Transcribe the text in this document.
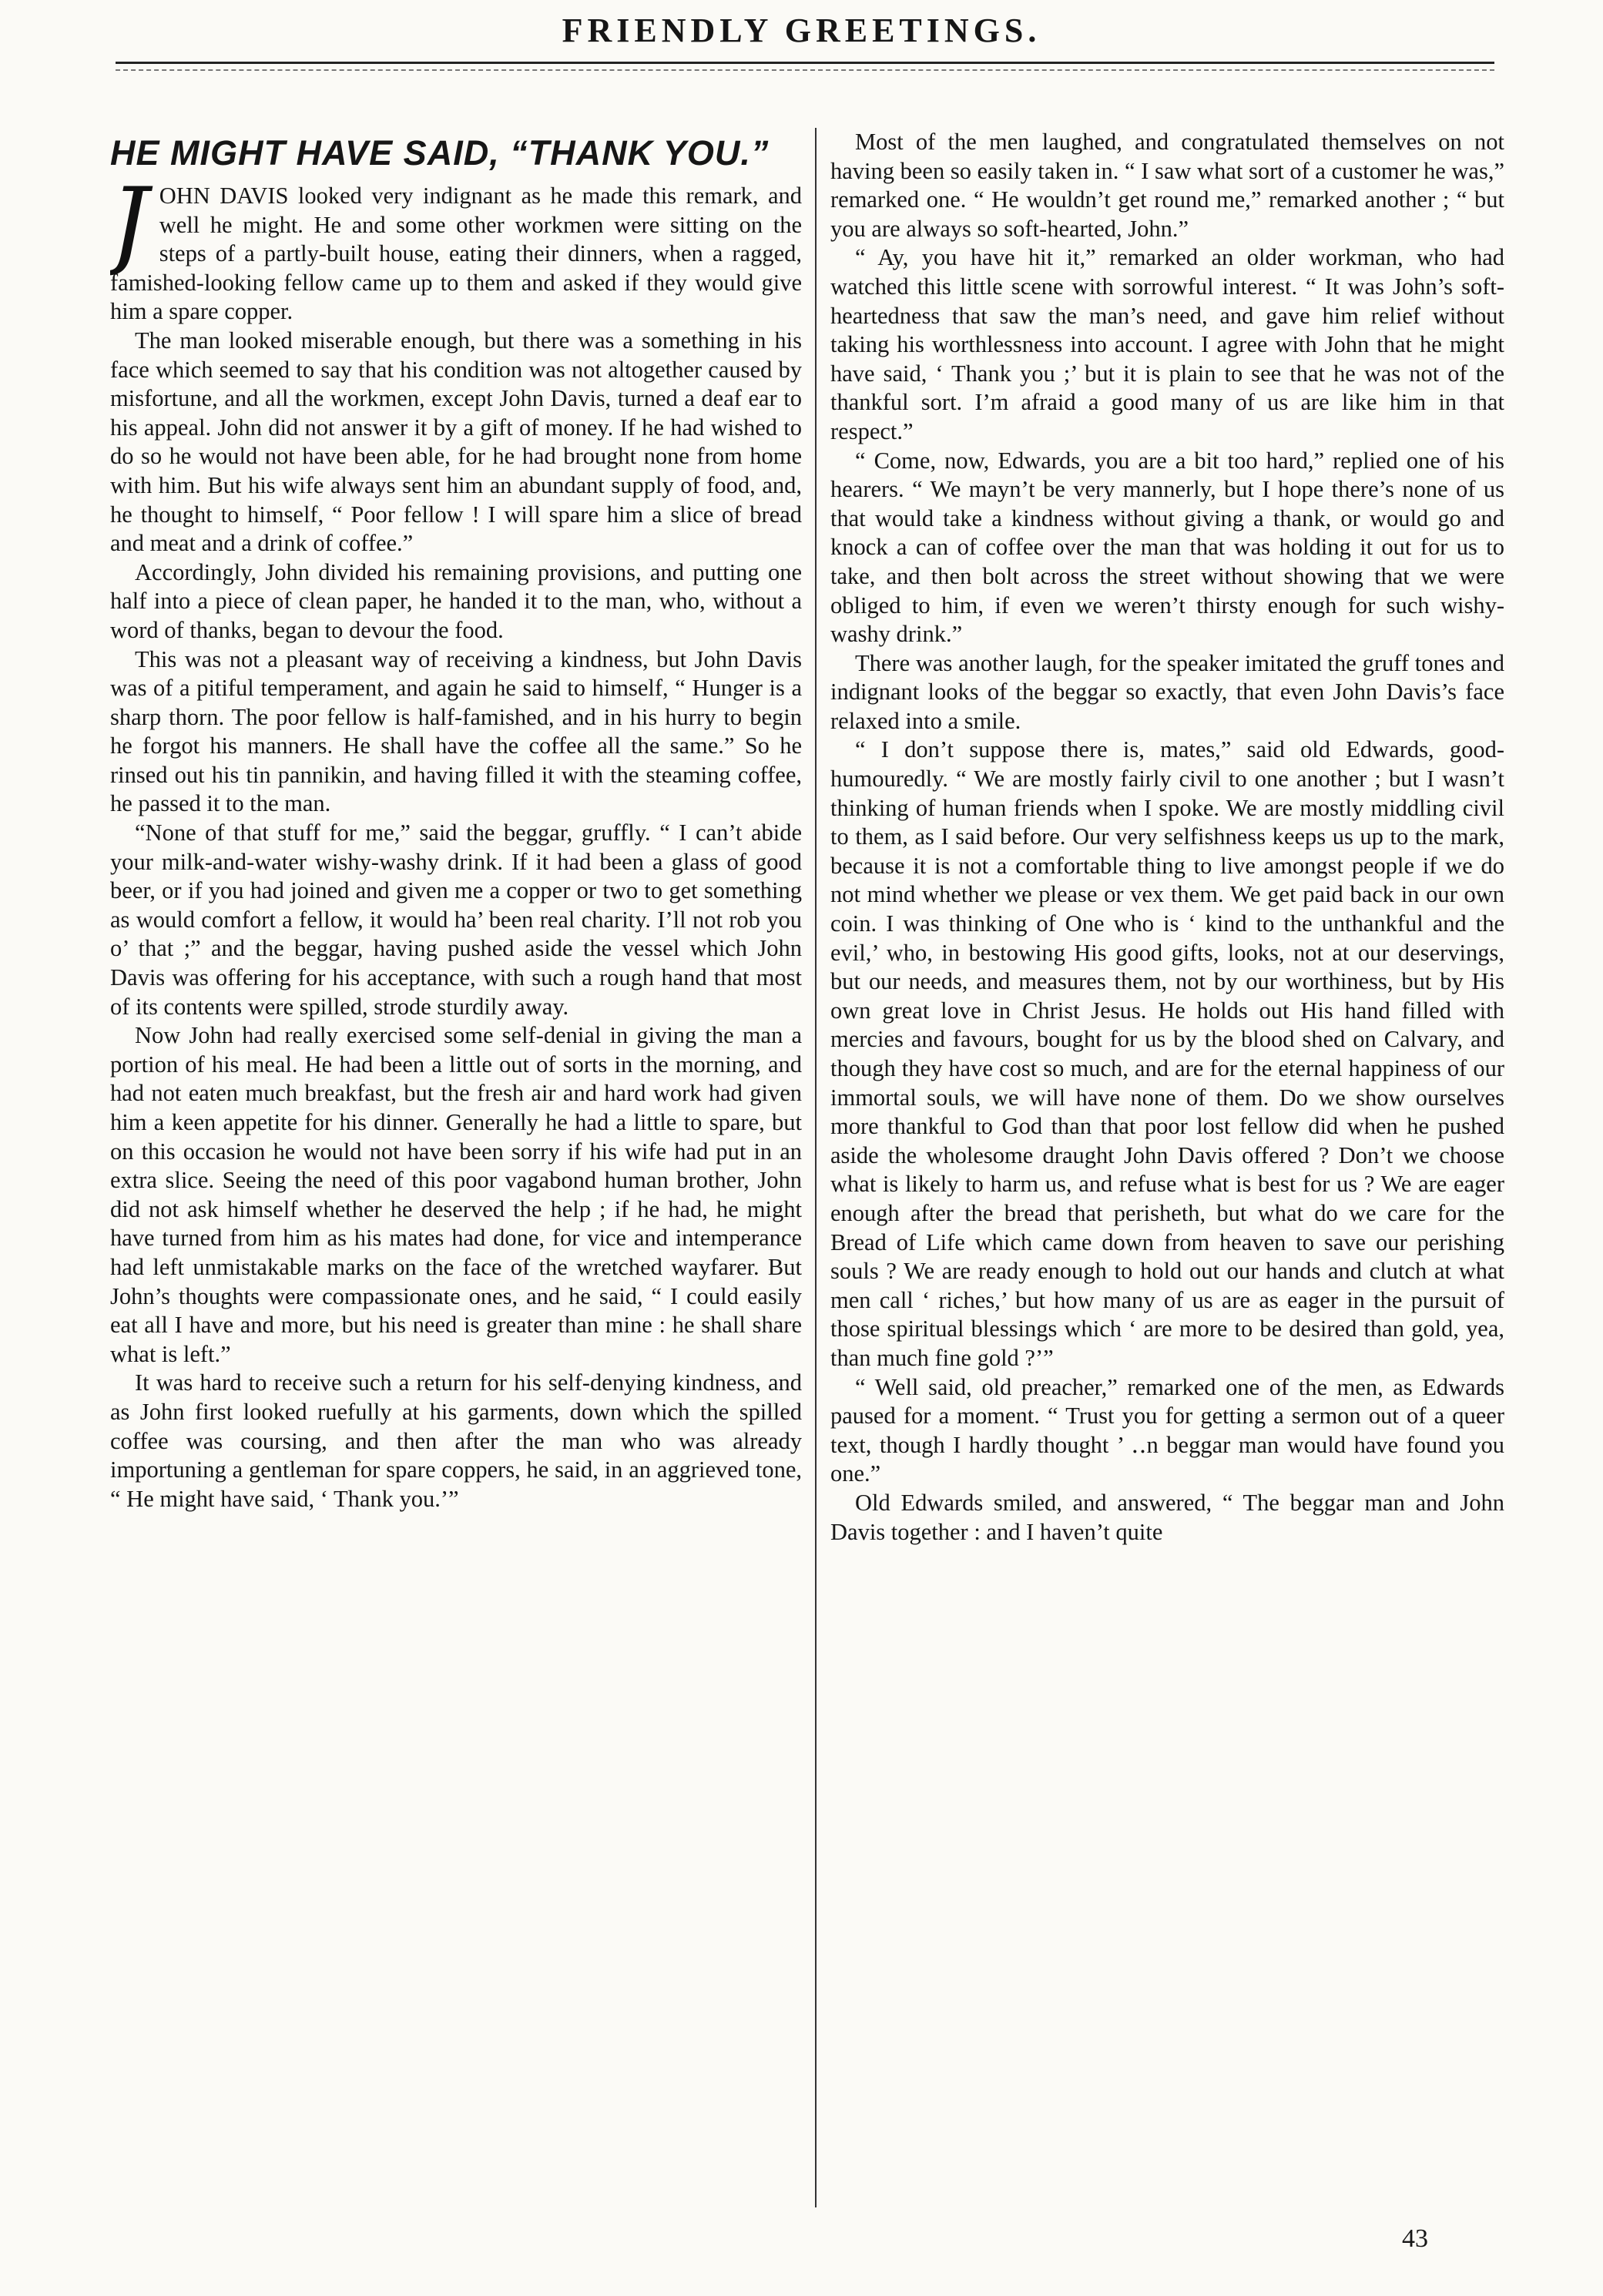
FRIENDLY GREETINGS.
HE MIGHT HAVE SAID, “THANK YOU.”

JOHN DAVIS looked very indignant as he made this remark, and well he might. He and some other workmen were sitting on the steps of a partly-built house, eating their dinners, when a ragged, famished-looking fellow came up to them and asked if they would give him a spare copper.

The man looked miserable enough, but there was a something in his face which seemed to say that his condition was not altogether caused by misfortune, and all the workmen, except John Davis, turned a deaf ear to his appeal. John did not answer it by a gift of money. If he had wished to do so he would not have been able, for he had brought none from home with him. But his wife always sent him an abundant supply of food, and, he thought to himself, “ Poor fellow ! I will spare him a slice of bread and meat and a drink of coffee.”

Accordingly, John divided his remaining provisions, and putting one half into a piece of clean paper, he handed it to the man, who, without a word of thanks, began to devour the food.

This was not a pleasant way of receiving a kindness, but John Davis was of a pitiful temperament, and again he said to himself, “ Hunger is a sharp thorn. The poor fellow is half-famished, and in his hurry to begin he forgot his manners. He shall have the coffee all the same.” So he rinsed out his tin pannikin, and having filled it with the steaming coffee, he passed it to the man.

“None of that stuff for me,” said the beggar, gruffly. “ I can’t abide your milk-and-water wishy-washy drink. If it had been a glass of good beer, or if you had joined and given me a copper or two to get something as would comfort a fellow, it would ha’ been real charity. I’ll not rob you o’ that ;” and the beggar, having pushed aside the vessel which John Davis was offering for his acceptance, with such a rough hand that most of its contents were spilled, strode sturdily away.

Now John had really exercised some self-denial in giving the man a portion of his meal. He had been a little out of sorts in the morning, and had not eaten much breakfast, but the fresh air and hard work had given him a keen appetite for his dinner. Generally he had a little to spare, but on this occasion he would not have been sorry if his wife had put in an extra slice. Seeing the need of this poor vagabond human brother, John did not ask himself whether he deserved the help ; if he had, he might have turned from him as his mates had done, for vice and intemperance had left unmistakable marks on the face of the wretched wayfarer. But John’s thoughts were compassionate ones, and he said, “ I could easily eat all I have and more, but his need is greater than mine : he shall share what is left.”

It was hard to receive such a return for his self-denying kindness, and as John first looked ruefully at his garments, down which the spilled coffee was coursing, and then after the man who was already importuning a gentleman for spare coppers, he said, in an aggrieved tone, “ He might have said, ‘ Thank you.’”

Most of the men laughed, and congratulated themselves on not having been so easily taken in. “ I saw what sort of a customer he was,” remarked one. “ He wouldn’t get round me,” remarked another ; “ but you are always so soft-hearted, John.”

“ Ay, you have hit it,” remarked an older workman, who had watched this little scene with sorrowful interest. “ It was John’s soft-heartedness that saw the man’s need, and gave him relief without taking his worthlessness into account. I agree with John that he might have said, ‘ Thank you ;’ but it is plain to see that he was not of the thankful sort. I’m afraid a good many of us are like him in that respect.”

“ Come, now, Edwards, you are a bit too hard,” replied one of his hearers. “ We mayn’t be very mannerly, but I hope there’s none of us that would take a kindness without giving a thank, or would go and knock a can of coffee over the man that was holding it out for us to take, and then bolt across the street without showing that we were obliged to him, if even we weren’t thirsty enough for such wishy-washy drink.”

There was another laugh, for the speaker imitated the gruff tones and indignant looks of the beggar so exactly, that even John Davis’s face relaxed into a smile.

“ I don’t suppose there is, mates,” said old Edwards, good-humouredly. “ We are mostly fairly civil to one another ; but I wasn’t thinking of human friends when I spoke. We are mostly middling civil to them, as I said before. Our very selfishness keeps us up to the mark, because it is not a comfortable thing to live amongst people if we do not mind whether we please or vex them. We get paid back in our own coin. I was thinking of One who is ‘ kind to the unthankful and the evil,’ who, in bestowing His good gifts, looks, not at our deservings, but our needs, and measures them, not by our worthiness, but by His own great love in Christ Jesus. He holds out His hand filled with mercies and favours, bought for us by the blood shed on Calvary, and though they have cost so much, and are for the eternal happiness of our immortal souls, we will have none of them. Do we show ourselves more thankful to God than that poor lost fellow did when he pushed aside the wholesome draught John Davis offered ? Don’t we choose what is likely to harm us, and refuse what is best for us ? We are eager enough after the bread that perisheth, but what do we care for the Bread of Life which came down from heaven to save our perishing souls ? We are ready enough to hold out our hands and clutch at what men call ‘ riches,’ but how many of us are as eager in the pursuit of those spiritual blessings which ‘ are more to be desired than gold, yea, than much fine gold ?’”

“ Well said, old preacher,” remarked one of the men, as Edwards paused for a moment. “ Trust you for getting a sermon out of a queer text, though I hardly thought ’ ‥n beggar man would have found you one.”

Old Edwards smiled, and answered, “ The beggar man and John Davis together : and I haven’t quite

43
